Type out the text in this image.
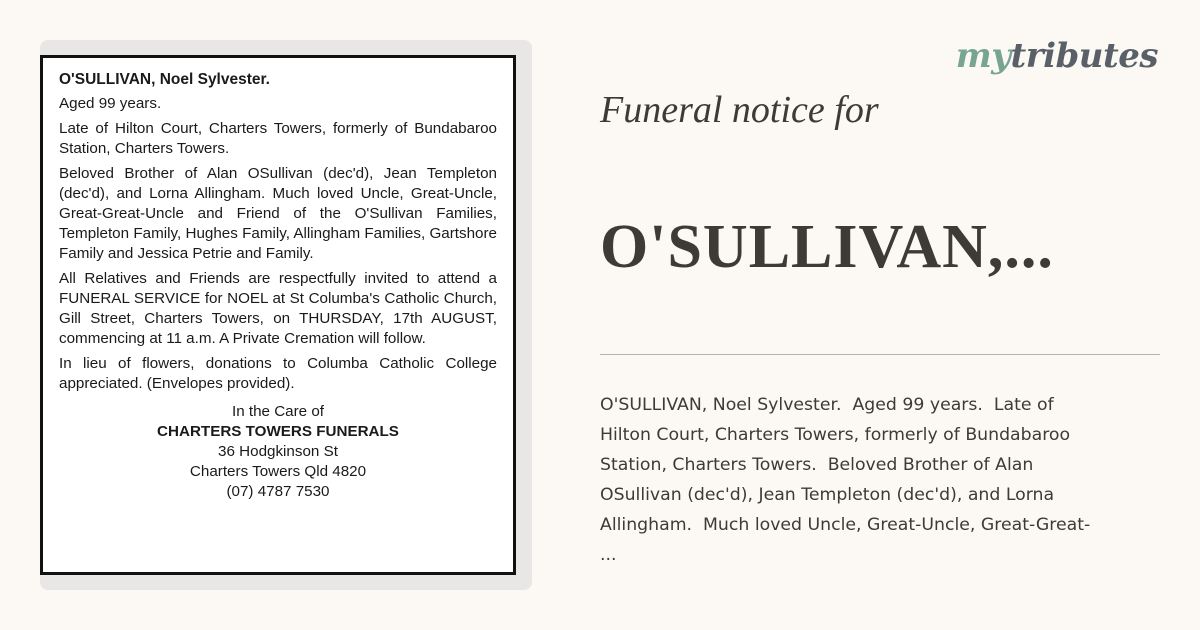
O'SULLIVAN, Noel Sylvester.

Aged 99 years.

Late of Hilton Court, Charters Towers, formerly of Bundabaroo Station, Charters Towers.

Beloved Brother of Alan OSullivan (dec'd), Jean Templeton (dec'd), and Lorna Allingham. Much loved Uncle, Great-Uncle, Great-Great-Uncle and Friend of the O'Sullivan Families, Templeton Family, Hughes Family, Allingham Families, Gartshore Family and Jessica Petrie and Family.

All Relatives and Friends are respectfully invited to attend a FUNERAL SERVICE for NOEL at St Columba's Catholic Church, Gill Street, Charters Towers, on THURSDAY, 17th AUGUST, commencing at 11 a.m. A Private Cremation will follow.

In lieu of flowers, donations to Columba Catholic College appreciated. (Envelopes provided).

In the Care of
CHARTERS TOWERS FUNERALS
36 Hodgkinson St
Charters Towers Qld 4820
(07) 4787 7530
mytributes
Funeral notice for
O'SULLIVAN,...
O'SULLIVAN, Noel Sylvester.  Aged 99 years.  Late of
Hilton Court, Charters Towers, formerly of Bundabaroo
Station, Charters Towers.  Beloved Brother of Alan
OSullivan (dec'd), Jean Templeton (dec'd), and Lorna
Allingham.  Much loved Uncle, Great-Uncle, Great-Great-
...
